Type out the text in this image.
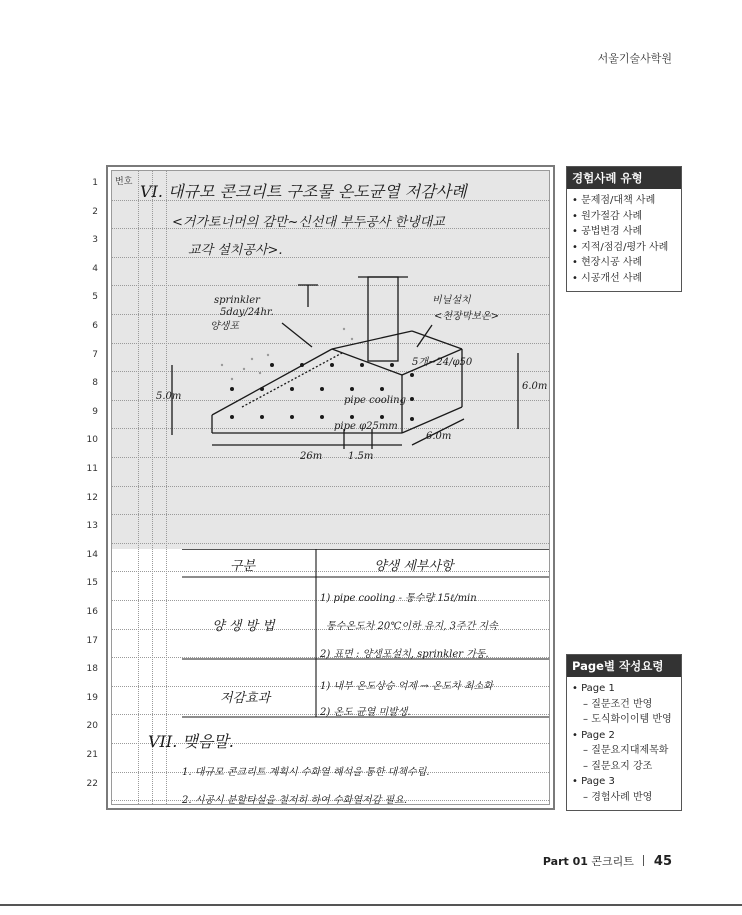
서울기술사학원
번호 VI. 대규모 콘크리트 구조물 온도균열 저감사례
<거가토너머의 감만~신선대 부두공사 한냉대교
교각 설치공사>.
sprinkler
5day/24hr.
비닐설치
<천장막보온>
양생포
5개~24/φ50
pipe cooling
pipe φ25mm
26m	1.5m
6.0m
6.0m
5.0m
구분	양생 세부사항
양 생 방 법
1) pipe cooling - 통수량 15ℓ/min
통수온도차 20℃이하 유지, 3주간 지속
2) 표면 : 양생포설치, sprinkler 가동.
저감효과
1) 내부 온도상승 억제 → 온도차 최소화
2) 온도 균열 미발생.
VII. 맺음말.
1. 대규모 콘크리트 계획시 수화열 해석을 통한 대책수립.
2. 시공시 분할타설을 철저히 하여 수화열저감 필요.
1
2
3
4
5
6
7
8
9
10
11
12
13
14
15
16
17
18
19
20
21
22
경험사례 유형
• 문제점/대책 사례
• 원가절감 사례
• 공법변경 사례
• 지적/점검/평가 사례
• 현장시공 사례
• 시공개선 사례
Page별 작성요령
• Page 1
– 질문조건 반영
– 도식화이이템 반영
• Page 2
– 질문요지대제목화
– 질문요지 강조
• Page 3
– 경험사례 반영
Part 01 콘크리트 45
